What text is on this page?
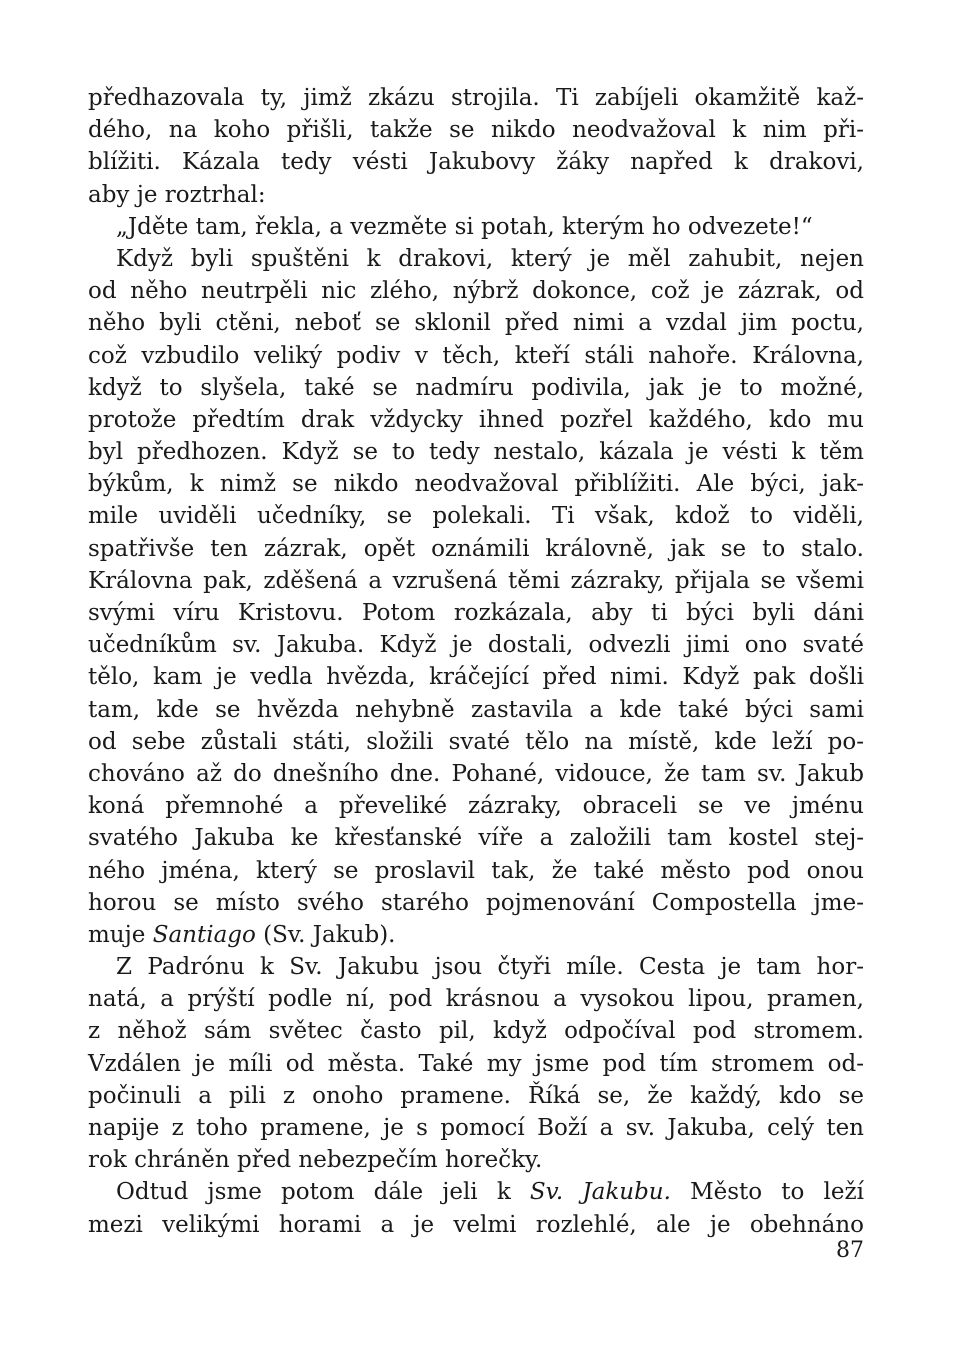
předhazovala ty, jimž zkázu strojila. Ti zabíjeli okamžitě kaž-
dého, na koho přišli, takže se nikdo neodvažoval k nim při-
blížiti. Kázala tedy vésti Jakubovy žáky napřed k drakovi,
aby je roztrhal:
„Jděte tam, řekla, a vezměte si potah, kterým ho odvezete!“
Když byli spuštěni k drakovi, který je měl zahubit, nejen
od něho neutrpěli nic zlého, nýbrž dokonce, což je zázrak, od
něho byli ctěni, neboť se sklonil před nimi a vzdal jim poctu,
což vzbudilo veliký podiv v těch, kteří stáli nahoře. Královna,
když to slyšela, také se nadmíru podivila, jak je to možné,
protože předtím drak vždycky ihned pozřel každého, kdo mu
byl předhozen. Když se to tedy nestalo, kázala je vésti k těm
býkům, k nimž se nikdo neodvažoval přiblížiti. Ale býci, jak-
mile uviděli učedníky, se polekali. Ti však, kdož to viděli,
spatřivše ten zázrak, opět oznámili královně, jak se to stalo.
Královna pak, zděšená a vzrušená těmi zázraky, přijala se všemi
svými víru Kristovu. Potom rozkázala, aby ti býci byli dáni
učedníkům sv. Jakuba. Když je dostali, odvezli jimi ono svaté
tělo, kam je vedla hvězda, kráčející před nimi. Když pak došli
tam, kde se hvězda nehybně zastavila a kde také býci sami
od sebe zůstali státi, složili svaté tělo na místě, kde leží po-
chováno až do dnešního dne. Pohané, vidouce, že tam sv. Jakub
koná přemnohé a převeliké zázraky, obraceli se ve jménu
svatého Jakuba ke křesťanské víře a založili tam kostel stej-
ného jména, který se proslavil tak, že také město pod onou
horou se místo svého starého pojmenování Compostella jme-
muje Santiago (Sv. Jakub).
Z Padrónu k Sv. Jakubu jsou čtyři míle. Cesta je tam hor-
natá, a prýští podle ní, pod krásnou a vysokou lipou, pramen,
z něhož sám světec často pil, když odpočíval pod stromem.
Vzdálen je míli od města. Také my jsme pod tím stromem od-
počinuli a pili z onoho pramene. Říká se, že každý, kdo se
napije z toho pramene, je s pomocí Boží a sv. Jakuba, celý ten
rok chráněn před nebezpečím horečky.
Odtud jsme potom dále jeli k Sv. Jakubu. Město to leží
mezi velikými horami a je velmi rozlehlé, ale je obehnáno
87
